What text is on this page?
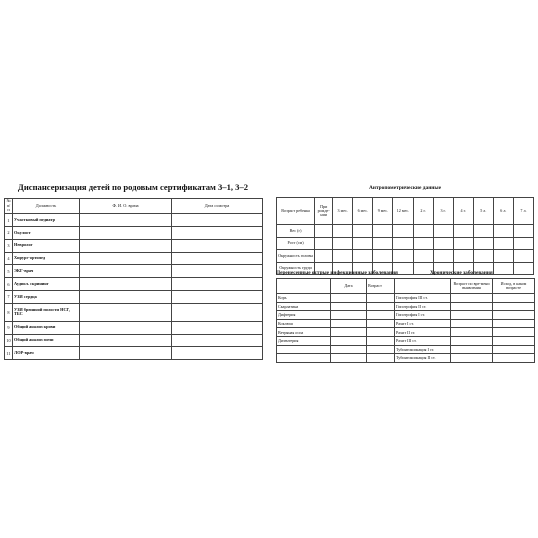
Диспансеризация детей по родовым сертификатам 3–1, 3–2
№ п/п	Должность	Ф. И. О. врача	Дата осмотра
1	Участковый педиатр		
2	Окулист		
3	Невролог		
4	Хирург-ортопед		
5	ЭКГ-врач		
6	Аудиол. скрининг		
7	УЗИ сердца		
8	УЗИ брюшной полости НСГ, ТБС		
9	Общий анализ крови		
10	Общий анализ мочи		
11	ЛОР-врач		
Антропометрические данные
Возраст ребенка	При рожде-нии	3 мес.	6 мес.	9 мес.	12 мес.	2 г.	3 г.	4 г.	5 л.	6 л.	7 л.
Вес (г)											
Рост (см)											
Окружность головы											
Окружность груди											
Перенесенные острые инфекционные заболевания	Хронические заболевания
	Дата	Возраст		Возраст по вре-мени выявления	Исход, в каком возрасте
Корь			Гипотрофия III ст.		
Скарлатина			Гипотрофия II ст.		
Дифтерия			Гипотрофия I ст.		
Коклюш			Рахит I ст.		
Ветряная оспа			Рахит II ст.		
Дизентерия			Рахит III ст.		
			Тубинтоксикация I ст.		
			Тубинтоксикация II ст.		
